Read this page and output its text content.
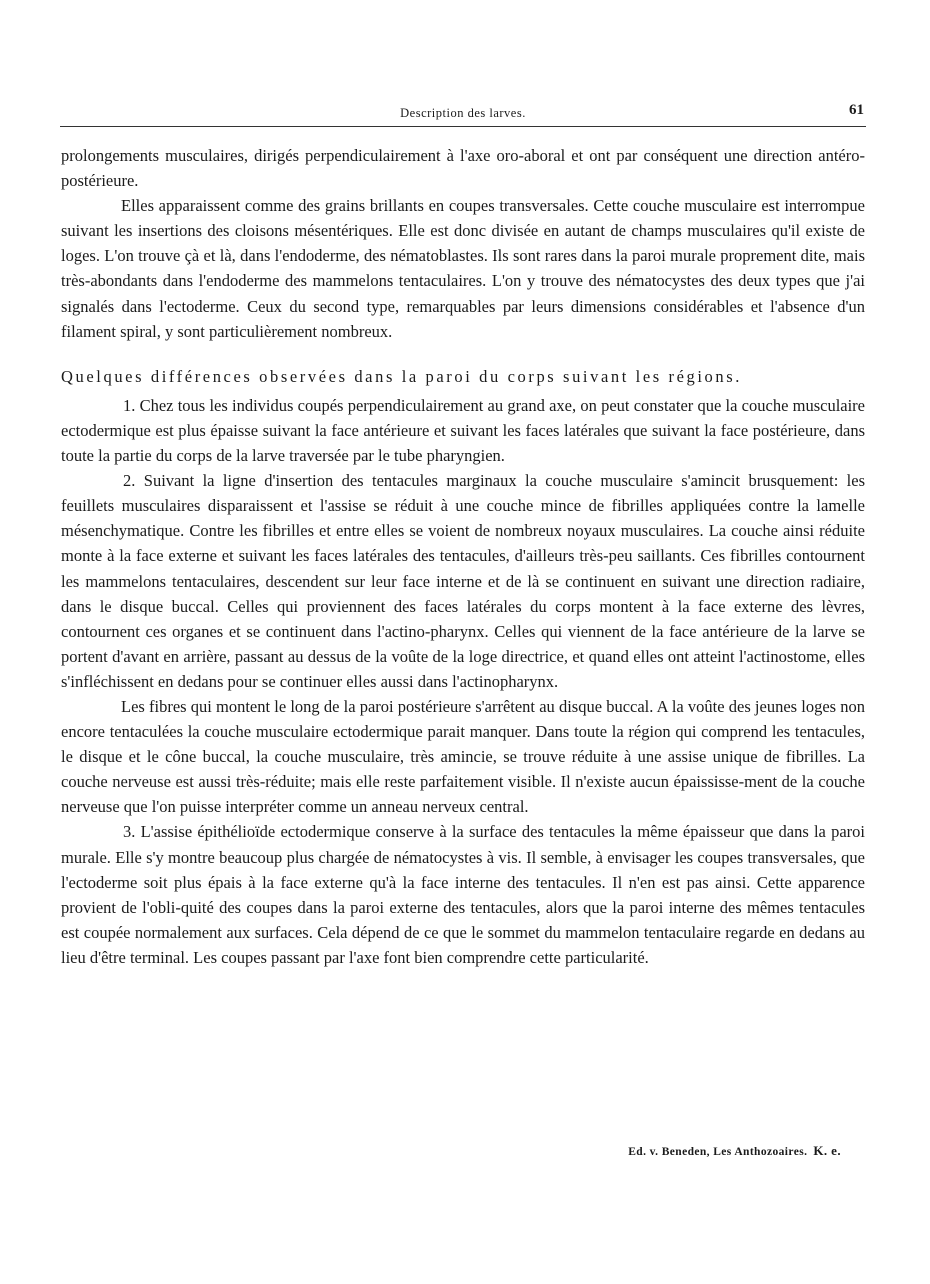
Description des larves.	61

prolongements musculaires, dirigés perpendiculairement à l'axe oro-aboral et ont par conséquent une direction antéro-postérieure.

Elles apparaissent comme des grains brillants en coupes transversales. Cette couche musculaire est interrompue suivant les insertions des cloisons mésentériques. Elle est donc divisée en autant de champs musculaires qu'il existe de loges. L'on trouve çà et là, dans l'endoderme, des nématoblastes. Ils sont rares dans la paroi murale proprement dite, mais très-abondants dans l'endoderme des mammelons tentaculaires. L'on y trouve des nématocystes des deux types que j'ai signalés dans l'ectoderme. Ceux du second type, remarquables par leurs dimensions considérables et l'absence d'un filament spiral, y sont particulièrement nombreux.

Quelques différences observées dans la paroi du corps suivant les régions.

1. Chez tous les individus coupés perpendiculairement au grand axe, on peut constater que la couche musculaire ectodermique est plus épaisse suivant la face antérieure et suivant les faces latérales que suivant la face postérieure, dans toute la partie du corps de la larve traversée par le tube pharyngien.

2. Suivant la ligne d'insertion des tentacules marginaux la couche musculaire s'amincit brusquement: les feuillets musculaires disparaissent et l'assise se réduit à une couche mince de fibrilles appliquées contre la lamelle mésenchymatique. Contre les fibrilles et entre elles se voient de nombreux noyaux musculaires. La couche ainsi réduite monte à la face externe et suivant les faces latérales des tentacules, d'ailleurs très-peu saillants. Ces fibrilles contournent les mammelons tentaculaires, descendent sur leur face interne et de là se continuent en suivant une direction radiaire, dans le disque buccal. Celles qui proviennent des faces latérales du corps montent à la face externe des lèvres, contournent ces organes et se continuent dans l'actino-pharynx. Celles qui viennent de la face antérieure de la larve se portent d'avant en arrière, passant au dessus de la voûte de la loge directrice, et quand elles ont atteint l'actinostome, elles s'infléchissent en dedans pour se continuer elles aussi dans l'actinopharynx.

Les fibres qui montent le long de la paroi postérieure s'arrêtent au disque buccal. A la voûte des jeunes loges non encore tentaculées la couche musculaire ectodermique parait manquer. Dans toute la région qui comprend les tentacules, le disque et le cône buccal, la couche musculaire, très amincie, se trouve réduite à une assise unique de fibrilles. La couche nerveuse est aussi très-réduite; mais elle reste parfaitement visible. Il n'existe aucun épaississe-ment de la couche nerveuse que l'on puisse interpréter comme un anneau nerveux central.

3. L'assise épithélioïde ectodermique conserve à la surface des tentacules la même épaisseur que dans la paroi murale. Elle s'y montre beaucoup plus chargée de nématocystes à vis. Il semble, à envisager les coupes transversales, que l'ectoderme soit plus épais à la face externe qu'à la face interne des tentacules. Il n'en est pas ainsi. Cette apparence provient de l'obli-quité des coupes dans la paroi externe des tentacules, alors que la paroi interne des mêmes tentacules est coupée normalement aux surfaces. Cela dépend de ce que le sommet du mammelon tentaculaire regarde en dedans au lieu d'être terminal. Les coupes passant par l'axe font bien comprendre cette particularité.

Ed. v. Beneden, Les Anthozoaires. K. e.
